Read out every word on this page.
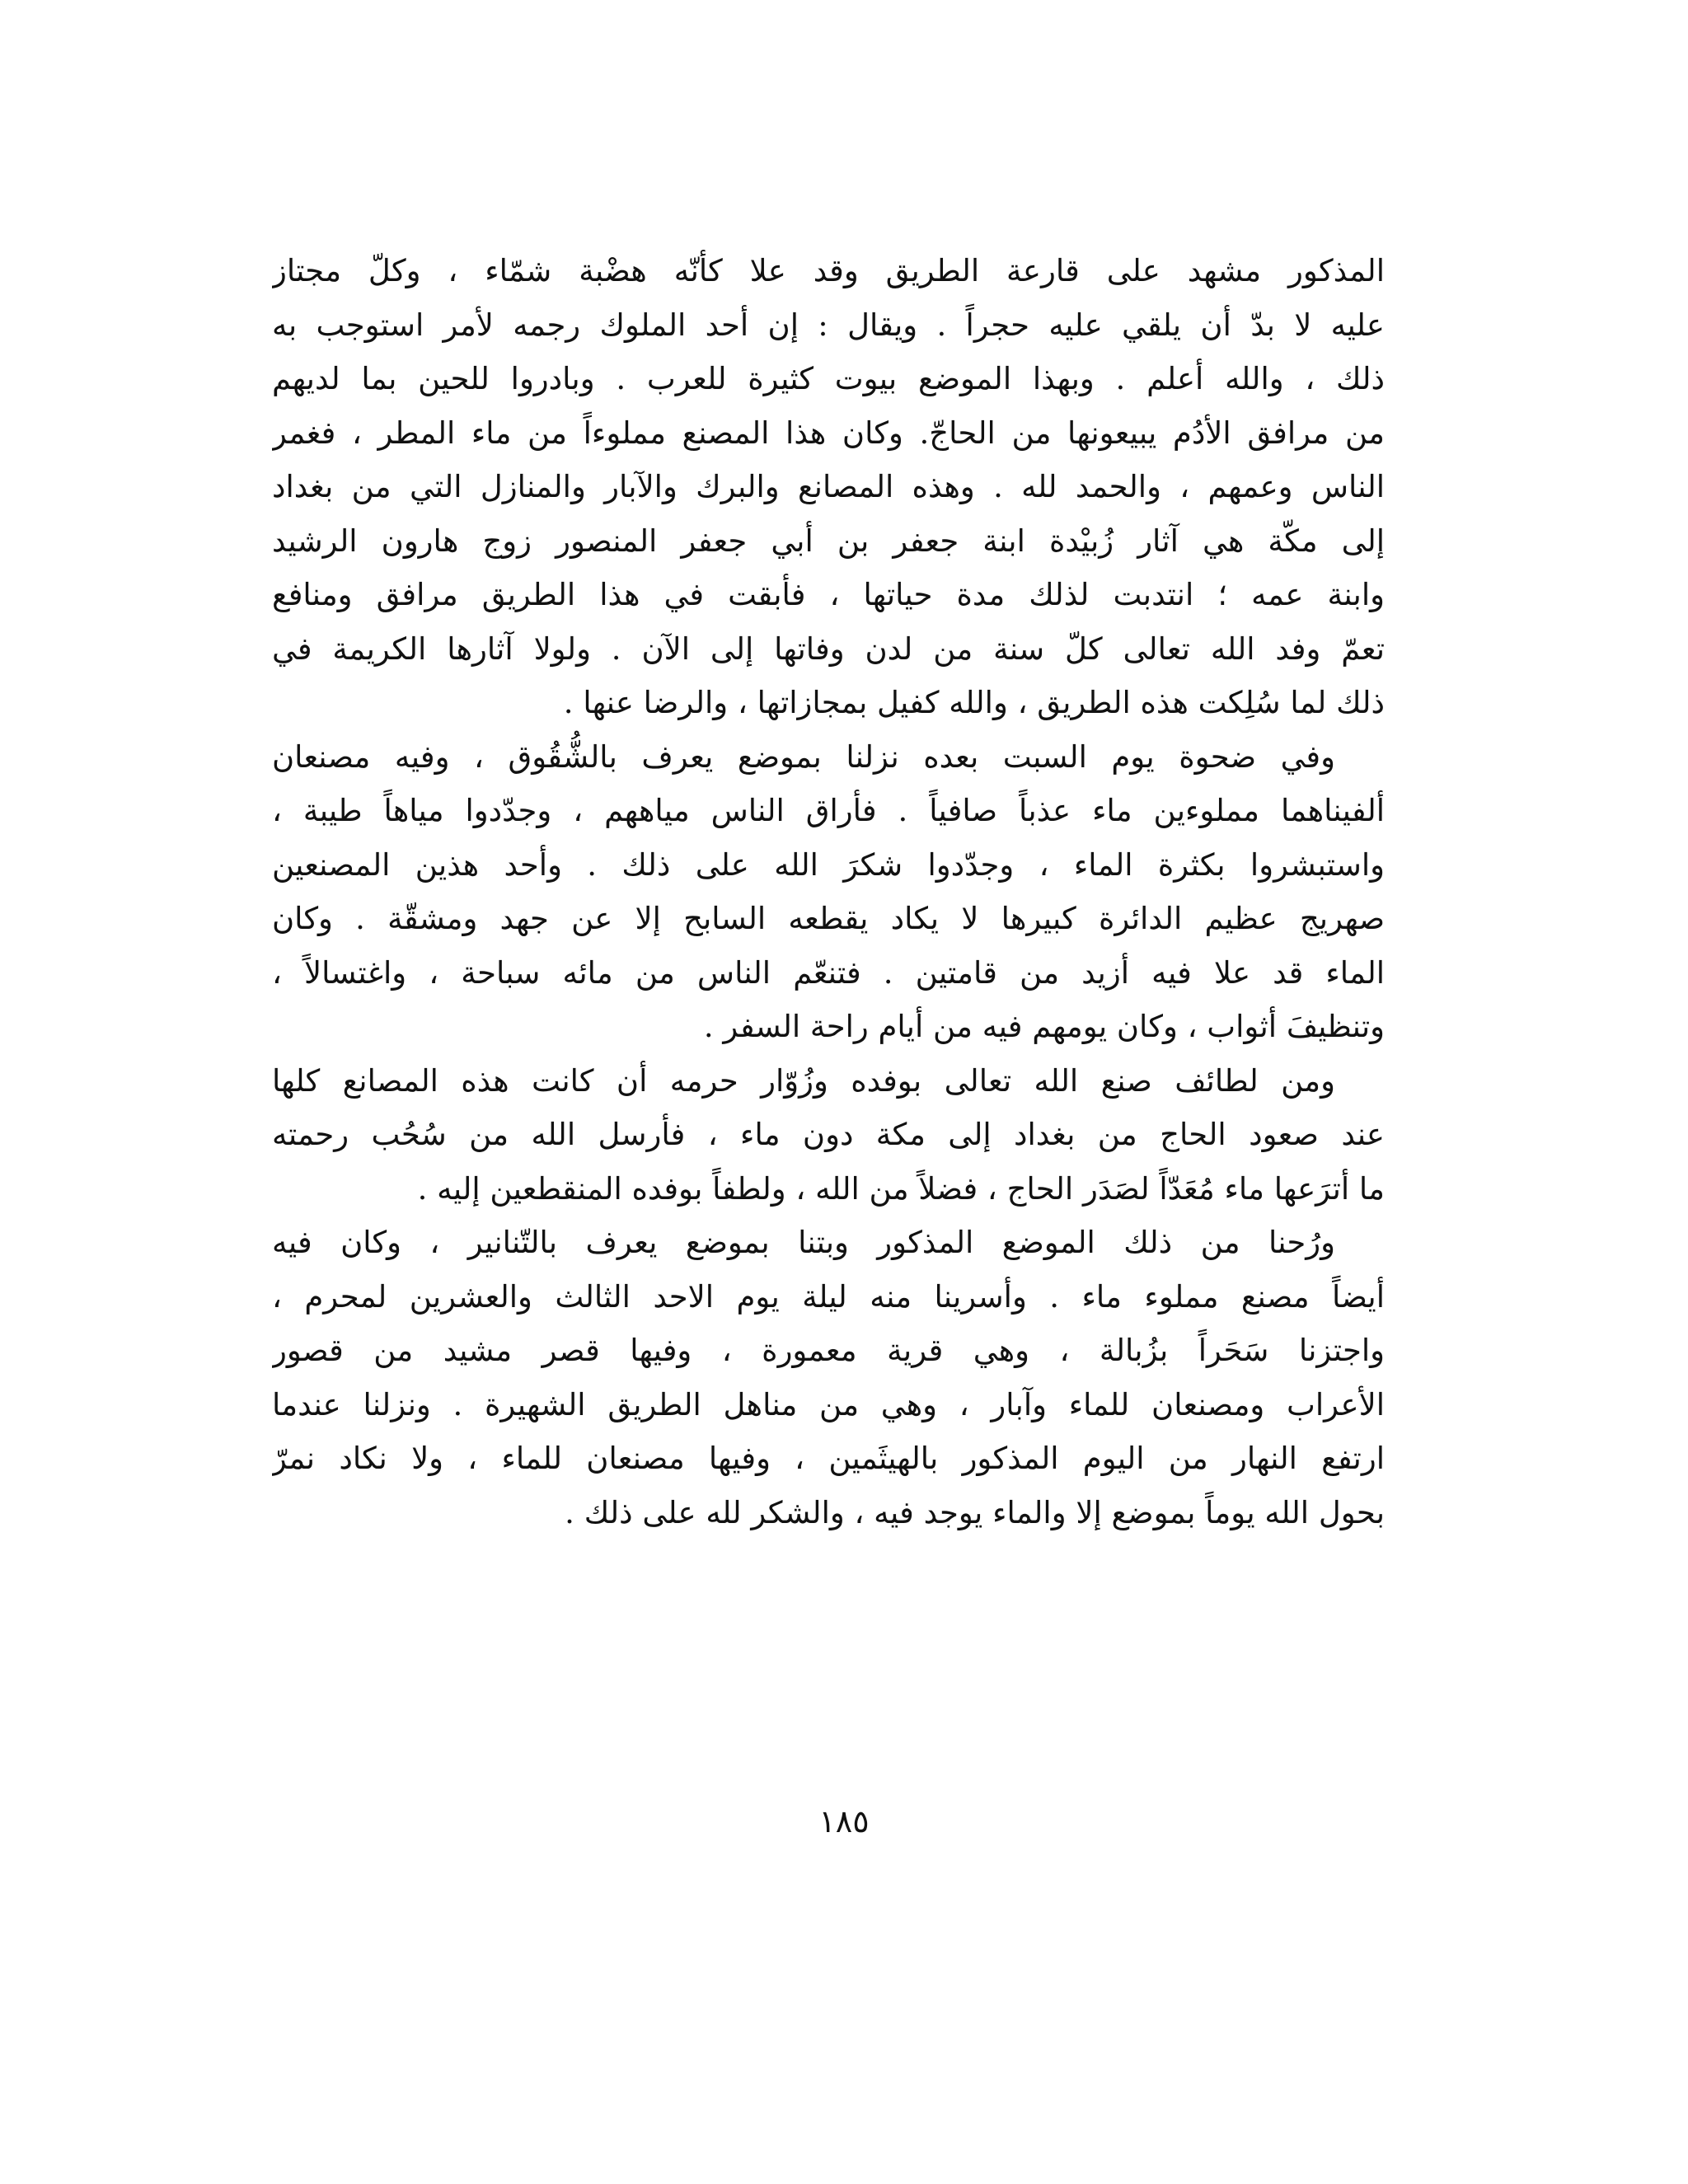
المذكور مشهد على قارعة الطريق وقد علا كأنّه هضْبة شمّاء ، وكلّ مجتاز
عليه لا بدّ أن يلقي عليه حجراً . ويقال : إن أحد الملوك رجمه لأمر استوجب به
ذلك ، والله أعلم . وبهذا الموضع بيوت كثيرة للعرب . وبادروا للحين بما لديهم
من مرافق الأدُم يبيعونها من الحاجّ. وكان هذا المصنع مملوءاً من ماء المطر ، فغمر
الناس وعمهم ، والحمد لله . وهذه المصانع والبرك والآبار والمنازل التي من بغداد
إلى مكّة هي آثار زُبيْدة ابنة جعفر بن أبي جعفر المنصور زوج هارون الرشيد
وابنة عمه ؛ انتدبت لذلك مدة حياتها ، فأبقت في هذا الطريق مرافق ومنافع
تعمّ وفد الله تعالى كلّ سنة من لدن وفاتها إلى الآن . ولولا آثارها الكريمة في
ذلك لما سُلِكت هذه الطريق ، والله كفيل بمجازاتها ، والرضا عنها .
وفي ضحوة يوم السبت بعده نزلنا بموضع يعرف بالشُّقُوق ، وفيه مصنعان
ألفيناهما مملوءين ماء عذباً صافياً . فأراق الناس مياههم ، وجدّدوا مياهاً طيبة ،
واستبشروا بكثرة الماء ، وجدّدوا شكرَ الله على ذلك . وأحد هذين المصنعين
صهريج عظيم الدائرة كبيرها لا يكاد يقطعه السابح إلا عن جهد ومشقّة . وكان
الماء قد علا فيه أزيد من قامتين . فتنعّم الناس من مائه سباحة ، واغتسالاً ،
وتنظيفَ أثواب ، وكان يومهم فيه من أيام راحة السفر .
ومن لطائف صنع الله تعالى بوفده وزُوّار حرمه أن كانت هذه المصانع كلها
عند صعود الحاج من بغداد إلى مكة دون ماء ، فأرسل الله من سُحُب رحمته
ما أترَعها ماء مُعَدّاً لصَدَر الحاج ، فضلاً من الله ، ولطفاً بوفده المنقطعين إليه .
ورُحنا من ذلك الموضع المذكور وبتنا بموضع يعرف بالتّنانير ، وكان فيه
أيضاً مصنع مملوء ماء . وأسرينا منه ليلة يوم الاحد الثالث والعشرين لمحرم ،
واجتزنا سَحَراً بزُبالة ، وهي قرية معمورة ، وفيها قصر مشيد من قصور
الأعراب ومصنعان للماء وآبار ، وهي من مناهل الطريق الشهيرة . ونزلنا عندما
ارتفع النهار من اليوم المذكور بالهيثَمين ، وفيها مصنعان للماء ، ولا نكاد نمرّ
بحول الله يوماً بموضع إلا والماء يوجد فيه ، والشكر لله على ذلك .
١٨٥
